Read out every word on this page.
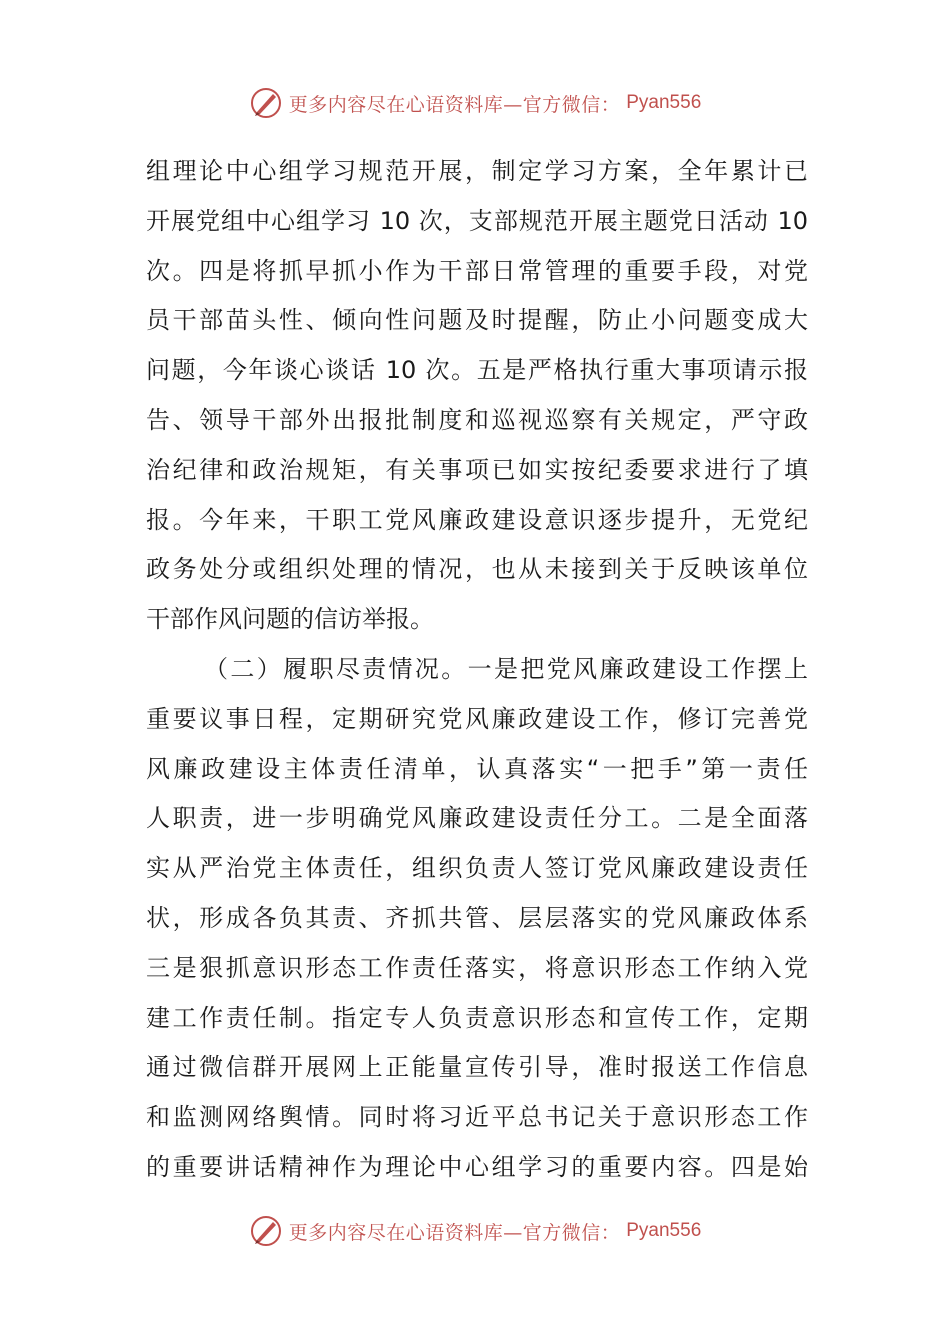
更多内容尽在心语资料库—官方微信： Pyan556
组理论中心组学习规范开展，制定学习方案，全年累计已
开展党组中心组学习 10 次，支部规范开展主题党日活动 10
次。四是将抓早抓小作为干部日常管理的重要手段，对党
员干部苗头性、倾向性问题及时提醒，防止小问题变成大
问题，今年谈心谈话 10 次。五是严格执行重大事项请示报
告、领导干部外出报批制度和巡视巡察有关规定，严守政
治纪律和政治规矩，有关事项已如实按纪委要求进行了填
报。今年来，干职工党风廉政建设意识逐步提升，无党纪
政务处分或组织处理的情况，也从未接到关于反映该单位
干部作风问题的信访举报。
（二）履职尽责情况。一是把党风廉政建设工作摆上
重要议事日程，定期研究党风廉政建设工作，修订完善党
风廉政建设主体责任清单，认真落实“一把手”第一责任
人职责，进一步明确党风廉政建设责任分工。二是全面落
实从严治党主体责任，组织负责人签订党风廉政建设责任
状，形成各负其责、齐抓共管、层层落实的党风廉政体系
三是狠抓意识形态工作责任落实，将意识形态工作纳入党
建工作责任制。指定专人负责意识形态和宣传工作，定期
通过微信群开展网上正能量宣传引导，准时报送工作信息
和监测网络舆情。同时将习近平总书记关于意识形态工作
的重要讲话精神作为理论中心组学习的重要内容。四是始
更多内容尽在心语资料库—官方微信： Pyan556
